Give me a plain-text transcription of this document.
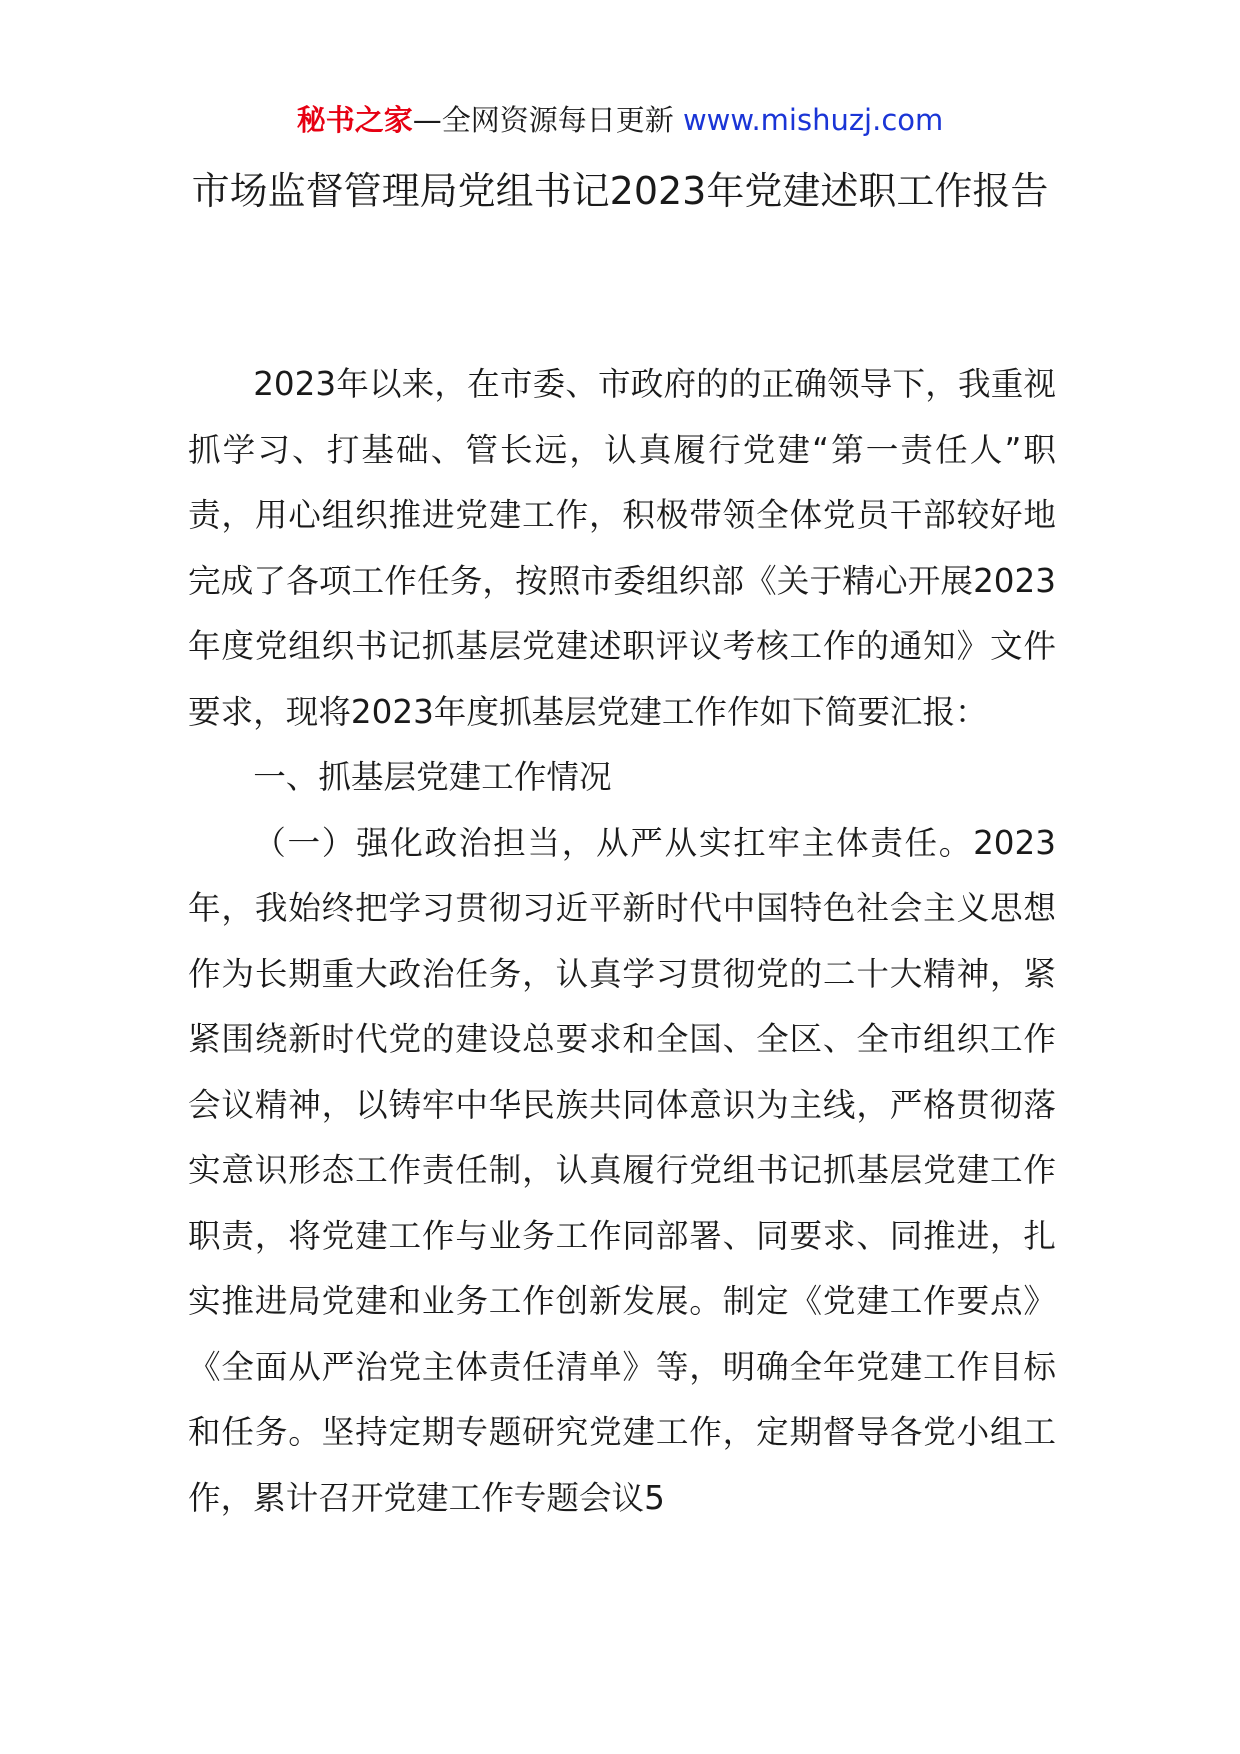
秘书之家—全网资源每日更新 www.mishuzj.com
市场监督管理局党组书记2023年党建述职工作报告

2023年以来，在市委、市政府的的正确领导下，我重视抓学习、打基础、管长远，认真履行党建“第一责任人”职责，用心组织推进党建工作，积极带领全体党员干部较好地完成了各项工作任务，按照市委组织部《关于精心开展2023年度党组织书记抓基层党建述职评议考核工作的通知》文件要求，现将2023年度抓基层党建工作作如下简要汇报：

一、抓基层党建工作情况

（一）强化政治担当，从严从实扛牢主体责任。2023年，我始终把学习贯彻习近平新时代中国特色社会主义思想作为长期重大政治任务，认真学习贯彻党的二十大精神，紧紧围绕新时代党的建设总要求和全国、全区、全市组织工作会议精神，以铸牢中华民族共同体意识为主线，严格贯彻落实意识形态工作责任制，认真履行党组书记抓基层党建工作职责，将党建工作与业务工作同部署、同要求、同推进，扎实推进局党建和业务工作创新发展。制定《党建工作要点》《全面从严治党主体责任清单》等，明确全年党建工作目标和任务。坚持定期专题研究党建工作，定期督导各党小组工作，累计召开党建工作专题会议5
